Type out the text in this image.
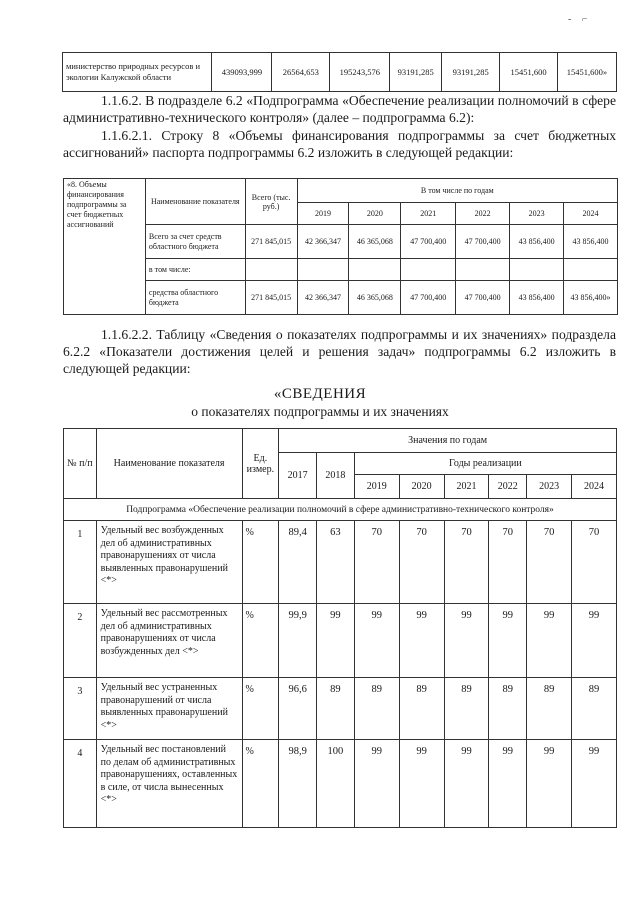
- ⌐
министерство природных ресурсов и экологии Калужской области	439093,999	26564,653	195243,576	93191,285	93191,285	15451,600	15451,600»

1.1.6.2. В подразделе 6.2 «Подпрограмма «Обеспечение реализации полномочий в сфере административно-технического контроля» (далее – подпрограмма 6.2):

1.1.6.2.1. Строку 8 «Объемы финансирования подпрограммы за счет бюджетных ассигнований» паспорта подпрограммы 6.2 изложить в следующей редакции:

«8. Объемы финансирования подпрограммы за счет бюджетных ассигнований	Наименование показателя	Всего (тыс. руб.)	В том числе по годам					
			2019	2020	2021	2022	2023	2024
	Всего за счет средств областного бюджета	271 845,015	42 366,347	46 365,068	47 700,400	47 700,400	43 856,400	43 856,400
	в том числе:							
	средства областного бюджета	271 845,015	42 366,347	46 365,068	47 700,400	47 700,400	43 856,400	43 856,400»

1.1.6.2.2. Таблицу «Сведения о показателях подпрограммы и их значениях» подраздела 6.2.2 «Показатели достижения целей и решения задач» подпрограммы 6.2 изложить в следующей редакции:

«СВЕДЕНИЯ
о показателях подпрограммы и их значениях
№ п/п	Наименование показателя	Ед. измер.	Значения по годам							
			2017	2018	Годы реализации					
					2019	2020	2021	2022	2023	2024
Подпрограмма «Обеспечение реализации полномочий в сфере административно-технического контроля»										
1	Удельный вес возбужденных дел об административных правонарушениях от числа выявленных правонарушений <*>	%	89,4	63	70	70	70	70	70	70
2	Удельный вес рассмотренных дел об административных правонарушениях от числа возбужденных дел <*>	%	99,9	99	99	99	99	99	99	99
3	Удельный вес устраненных правонарушений от числа выявленных правонарушений <*>	%	96,6	89	89	89	89	89	89	89
4	Удельный вес постановлений по делам об административных правонарушениях, оставленных в силе, от числа вынесенных <*>	%	98,9	100	99	99	99	99	99	99
